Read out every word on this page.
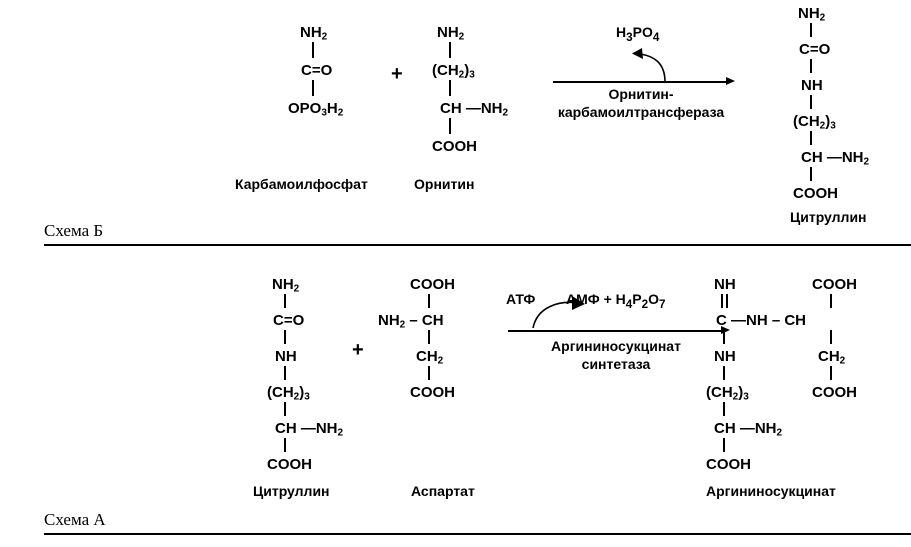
$NH_2$
C=O
$OPO_3H_2$
+
$NH_2$
$(CH_2)_3$
CH $—NH_2$
COOH
Карбамоилфосфат	Орнитин
$H_3PO_4$
Орнитин-
карбамоилтрансфераза
$NH_2$
C=O
NH
$(CH_2)_3$
CH $—NH_2$
COOH
Цитруллин
Схема Б
$NH_2$
C=O
NH
$(CH_2)_3$
CH $—NH_2$
COOH
Цитруллин
+
COOH
$NH_2$ – CH
$CH_2$
COOH
Аспартат
АТФ АМФ + $H_4P_2O_7$
Аргининосукцинат
синтетаза
NH
C —NH – CH
NH
$(CH_2)_3$
CH $—NH_2$
COOH
COOH
$CH_2$
COOH
Аргининосукцинат
Схема А
